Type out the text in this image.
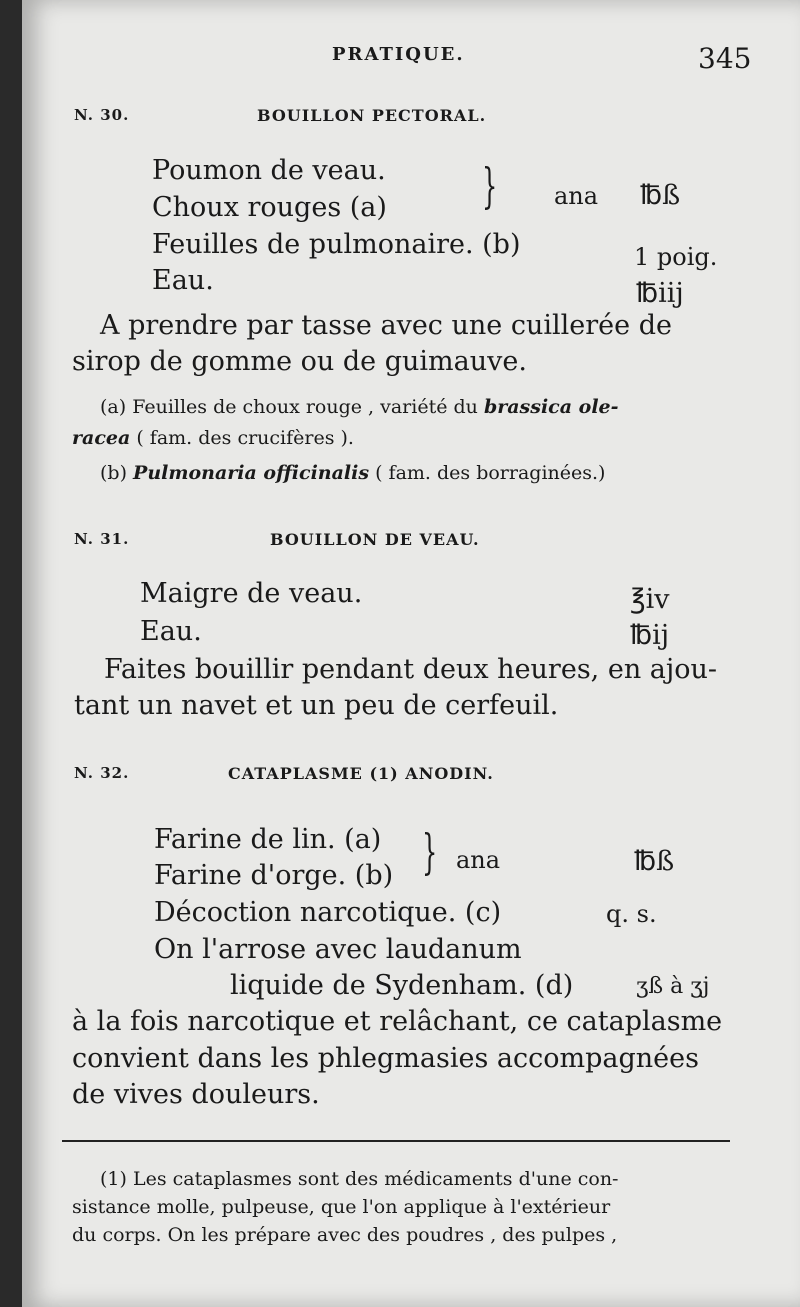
PRATIQUE.	345
N. 30.	BOUILLON PECTORAL.
Poumon de veau.
Choux rouges (a) } ana ℔ß
Feuilles de pulmonaire. (b)	1 poig.
Eau.	℔iij
A prendre par tasse avec une cuillerée de
sirop de gomme ou de guimauve.
(a) Feuilles de choux rouge , variété du brassica ole-
racea ( fam. des crucifères ).
(b) Pulmonaria officinalis ( fam. des borraginées.)
N. 31.	BOUILLON DE VEAU.
Maigre de veau.	℥iv
Eau.	℔ij
Faites bouillir pendant deux heures, en ajou-
tant un navet et un peu de cerfeuil.
N. 32.	CATAPLASME (1) ANODIN.
Farine de lin. (a)
Farine d'orge. (b) } ana	℔ß
Décoction narcotique. (c)	q. s.
On l'arrose avec laudanum
liquide de Sydenham. (d)	ʒß à ʒj
à la fois narcotique et relâchant, ce cataplasme
convient dans les phlegmasies accompagnées
de vives douleurs.
(1) Les cataplasmes sont des médicaments d'une con-
sistance molle, pulpeuse, que l'on applique à l'extérieur
du corps. On les prépare avec des poudres , des pulpes ,
